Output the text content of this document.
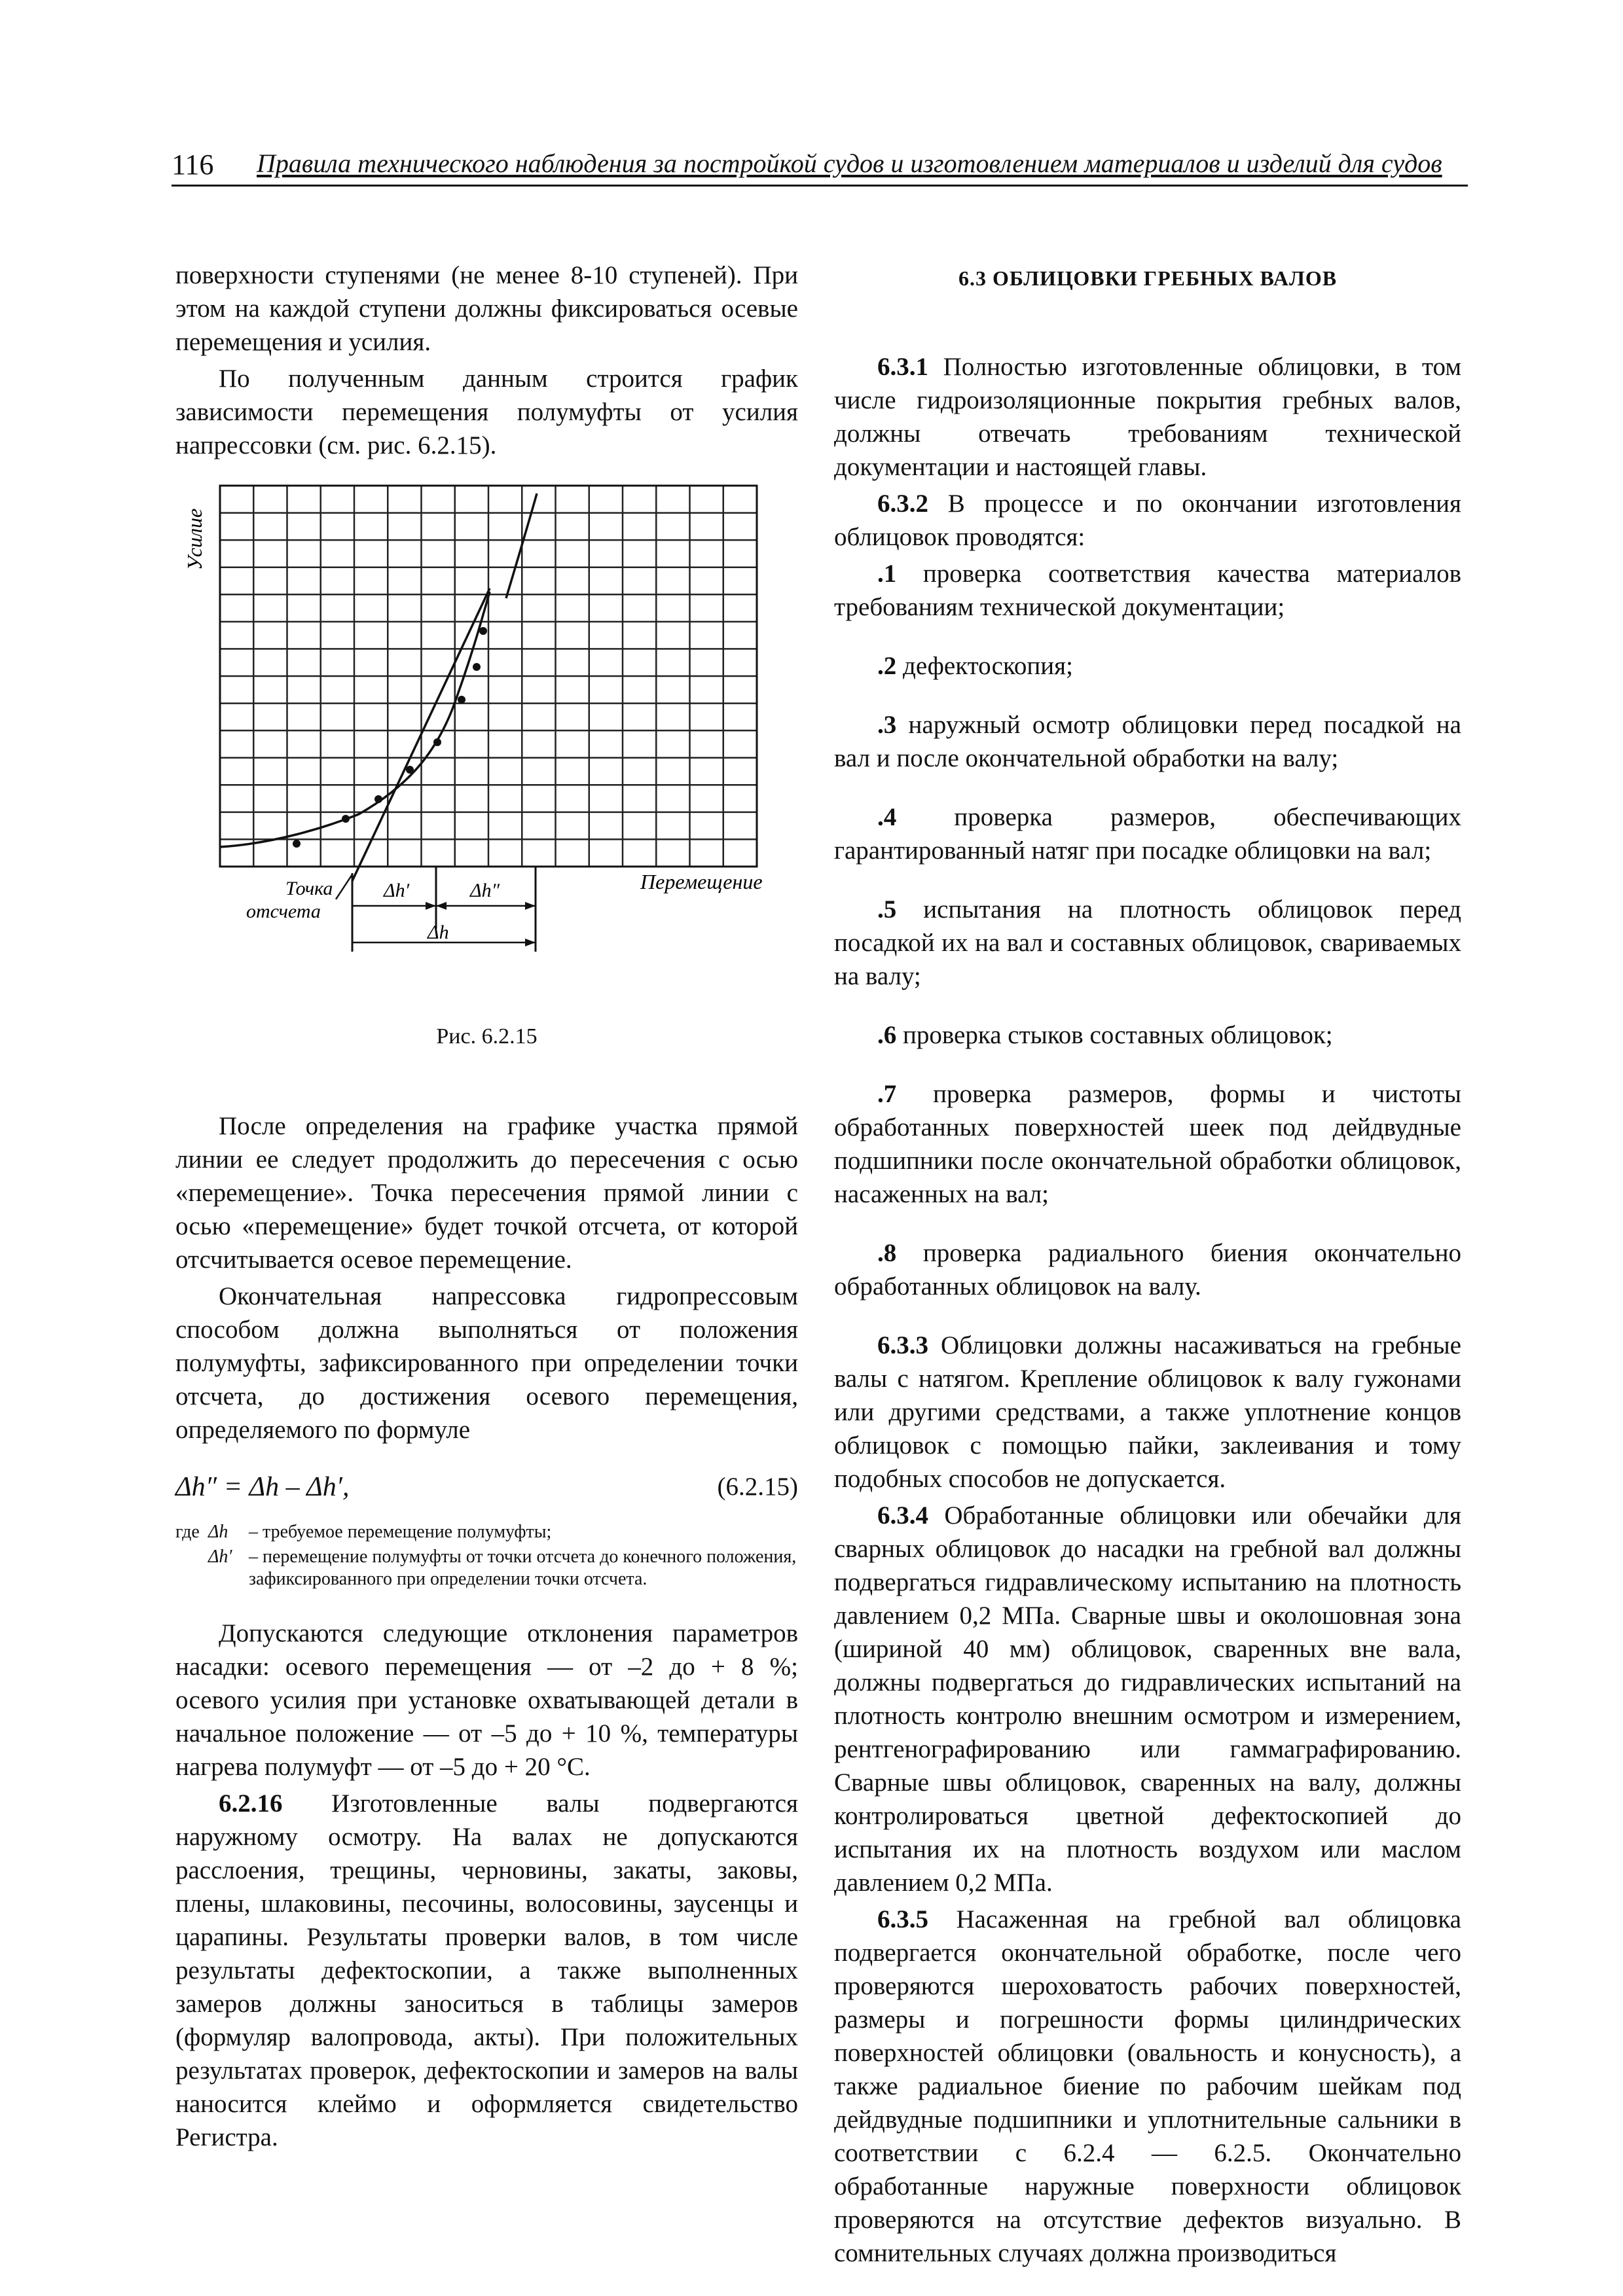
116 Правила технического наблюдения за постройкой судов и изготовлением материалов и изделий для судов

поверхности ступенями (не менее 8-10 ступеней). При этом на каждой ступени должны фиксироваться осевые перемещения и усилия.

По полученным данным строится график зависимости перемещения полумуфты от усилия напрессовки (см. рис. 6.2.15).

Усилие
Точка
отсчета
Δh′	Δh″
Δh
Перемещение
Рис. 6.2.15

После определения на графике участка прямой линии ее следует продолжить до пересечения с осью «перемещение». Точка пересечения прямой линии с осью «перемещение» будет точкой отсчета, от которой отсчитывается осевое перемещение.

Окончательная напрессовка гидропрессовым способом должна выполняться от положения полумуфты, зафиксированного при определении точки отсчета, до достижения осевого перемещения, определяемого по формуле

Δh″ = Δh – Δh′,	(6.2.15)
где Δh	– требуемое перемещение полумуфты;
Δh′ – перемещение полумуфты от точки отсчета до конечного положения, зафиксированного при определении точки отсчета.

Допускаются следующие отклонения параметров насадки: осевого перемещения — от –2 до + 8 %; осевого усилия при установке охватывающей детали в начальное положение — от –5 до + 10 %, температуры нагрева полумуфт — от –5 до + 20 °C.

6.2.16 Изготовленные валы подвергаются наружному осмотру. На валах не допускаются расслоения, трещины, черновины, закаты, заковы, плены, шлаковины, песочины, волосовины, заусенцы и царапины. Результаты проверки валов, в том числе результаты дефектоскопии, а также выполненных замеров должны заноситься в таблицы замеров (формуляр валопровода, акты). При положительных результатах проверок, дефектоскопии и замеров на валы наносится клеймо и оформляется свидетельство Регистра.

6.3 ОБЛИЦОВКИ ГРЕБНЫХ ВАЛОВ

6.3.1 Полностью изготовленные облицовки, в том числе гидроизоляционные покрытия гребных валов, должны отвечать требованиям технической документации и настоящей главы.

6.3.2 В процессе и по окончании изготовления облицовок проводятся:

.1 проверка соответствия качества материалов требованиям технической документации;

.2 дефектоскопия;

.3 наружный осмотр облицовки перед посадкой на вал и после окончательной обработки на валу;

.4 проверка размеров, обеспечивающих гарантированный натяг при посадке облицовки на вал;

.5 испытания на плотность облицовок перед посадкой их на вал и составных облицовок, свариваемых на валу;

.6 проверка стыков составных облицовок;

.7 проверка размеров, формы и чистоты обработанных поверхностей шеек под дейдвудные подшипники после окончательной обработки облицовок, насаженных на вал;

.8 проверка радиального биения окончательно обработанных облицовок на валу.

6.3.3 Облицовки должны насаживаться на гребные валы с натягом. Крепление облицовок к валу гужонами или другими средствами, а также уплотнение концов облицовок с помощью пайки, заклеивания и тому подобных способов не допускается.

6.3.4 Обработанные облицовки или обечайки для сварных облицовок до насадки на гребной вал должны подвергаться гидравлическому испытанию на плотность давлением 0,2 МПа. Сварные швы и околошовная зона (шириной 40 мм) облицовок, сваренных вне вала, должны подвергаться до гидравлических испытаний на плотность контролю внешним осмотром и измерением, рентгенографированию или гаммаграфированию. Сварные швы облицовок, сваренных на валу, должны контролироваться цветной дефектоскопией до испытания их на плотность воздухом или маслом давлением 0,2 МПа.

6.3.5 Насаженная на гребной вал облицовка подвергается окончательной обработке, после чего проверяются шероховатость рабочих поверхностей, размеры и погрешности формы цилиндрических поверхностей облицовки (овальность и конусность), а также радиальное биение по рабочим шейкам под дейдвудные подшипники и уплотнительные сальники в соответствии с 6.2.4 — 6.2.5. Окончательно обработанные наружные поверхности облицовок проверяются на отсутствие дефектов визуально. В сомнительных случаях должна производиться
